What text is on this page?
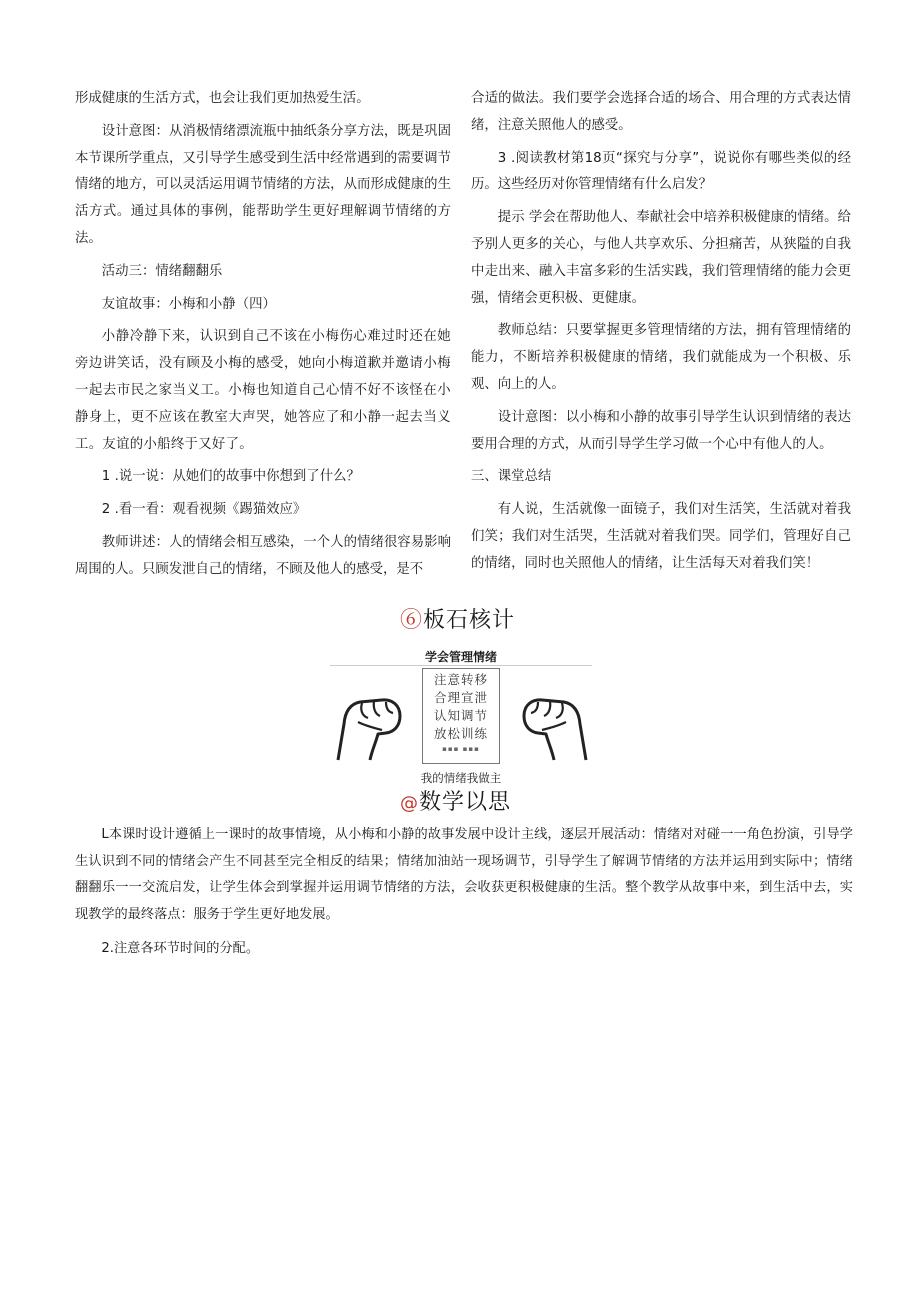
形成健康的生活方式，也会让我们更加热爱生活。

设计意图：从消极情绪漂流瓶中抽纸条分享方法，既是巩固本节课所学重点，又引导学生感受到生活中经常遇到的需要调节情绪的地方，可以灵活运用调节情绪的方法，从而形成健康的生活方式。通过具体的事例，能帮助学生更好理解调节情绪的方法。

活动三：情绪翻翻乐

友谊故事：小梅和小静（四）

小静冷静下来，认识到自己不该在小梅伤心难过时还在她旁边讲笑话，没有顾及小梅的感受，她向小梅道歉并邀请小梅一起去市民之家当义工。小梅也知道自己心情不好不该怪在小静身上，更不应该在教室大声哭，她答应了和小静一起去当义工。友谊的小船终于又好了。

1 .说一说：从她们的故事中你想到了什么？

2 .看一看：观看视频《踢猫效应》

教师讲述：人的情绪会相互感染，一个人的情绪很容易影响周围的人。只顾发泄自己的情绪，不顾及他人的感受，是不

合适的做法。我们要学会选择合适的场合、用合理的方式表达情绪，注意关照他人的感受。

3 .阅读教材第18页“探究与分享”，说说你有哪些类似的经历。这些经历对你管理情绪有什么启发？

提示 学会在帮助他人、奉献社会中培养积极健康的情绪。给予别人更多的关心，与他人共享欢乐、分担痛苦，从狭隘的自我中走出来、融入丰富多彩的生活实践，我们管理情绪的能力会更强，情绪会更积极、更健康。

教师总结：只要掌握更多管理情绪的方法，拥有管理情绪的能力，不断培养积极健康的情绪，我们就能成为一个积极、乐观、向上的人。

设计意图：以小梅和小静的故事引导学生认识到情绪的表达要用合理的方式，从而引导学生学习做一个心中有他人的人。

三、课堂总结

有人说，生活就像一面镜子，我们对生活笑，生活就对着我们笑；我们对生活哭，生活就对着我们哭。同学们，管理好自己的情绪，同时也关照他人的情绪，让生活每天对着我们笑！

⑥板石核计
学会管理情绪
注意转移
合理宣泄
认知调节
放松训练
▪▪▪ ▪▪▪
我的情绪我做主
@数学以思

L本课时设计遵循上一课时的故事情境，从小梅和小静的故事发展中设计主线，逐层开展活动：情绪对对碰一一角色扮演，引导学生认识到不同的情绪会产生不同甚至完全相反的结果；情绪加油站一现场调节，引导学生了解调节情绪的方法并运用到实际中；情绪翻翻乐一一交流启发，让学生体会到掌握并运用调节情绪的方法，会收获更积极健康的生活。整个教学从故事中来，到生活中去，实现教学的最终落点：服务于学生更好地发展。

2.注意各环节时间的分配。
